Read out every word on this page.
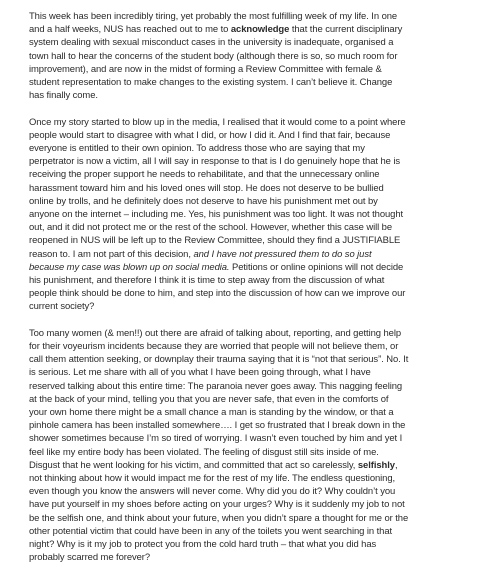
This week has been incredibly tiring, yet probably the most fulfilling week of my life. In one
and a half weeks, NUS has reached out to me to acknowledge that the current disciplinary
system dealing with sexual misconduct cases in the university is inadequate, organised a
town hall to hear the concerns of the student body (although there is so, so much room for
improvement), and are now in the midst of forming a Review Committee with female &
student representation to make changes to the existing system. I can’t believe it. Change
has finally come.

Once my story started to blow up in the media, I realised that it would come to a point where
people would start to disagree with what I did, or how I did it. And I find that fair, because
everyone is entitled to their own opinion. To address those who are saying that my
perpetrator is now a victim, all I will say in response to that is I do genuinely hope that he is
receiving the proper support he needs to rehabilitate, and that the unnecessary online
harassment toward him and his loved ones will stop. He does not deserve to be bullied
online by trolls, and he definitely does not deserve to have his punishment met out by
anyone on the internet – including me. Yes, his punishment was too light. It was not thought
out, and it did not protect me or the rest of the school. However, whether this case will be
reopened in NUS will be left up to the Review Committee, should they find a JUSTIFIABLE
reason to. I am not part of this decision, and I have not pressured them to do so just
because my case was blown up on social media. Petitions or online opinions will not decide
his punishment, and therefore I think it is time to step away from the discussion of what
people think should be done to him, and step into the discussion of how can we improve our
current society?

Too many women (& men!!) out there are afraid of talking about, reporting, and getting help
for their voyeurism incidents because they are worried that people will not believe them, or
call them attention seeking, or downplay their trauma saying that it is “not that serious”. No. It
is serious. Let me share with all of you what I have been going through, what I have
reserved talking about this entire time: The paranoia never goes away. This nagging feeling
at the back of your mind, telling you that you are never safe, that even in the comforts of
your own home there might be a small chance a man is standing by the window, or that a
pinhole camera has been installed somewhere…. I get so frustrated that I break down in the
shower sometimes because I’m so tired of worrying. I wasn’t even touched by him and yet I
feel like my entire body has been violated. The feeling of disgust still sits inside of me.
Disgust that he went looking for his victim, and committed that act so carelessly, selfishly,
not thinking about how it would impact me for the rest of my life. The endless questioning,
even though you know the answers will never come. Why did you do it? Why couldn’t you
have put yourself in my shoes before acting on your urges? Why is it suddenly my job to not
be the selfish one, and think about your future, when you didn’t spare a thought for me or the
other potential victim that could have been in any of the toilets you went searching in that
night? Why is it my job to protect you from the cold hard truth – that what you did has
probably scarred me forever?
